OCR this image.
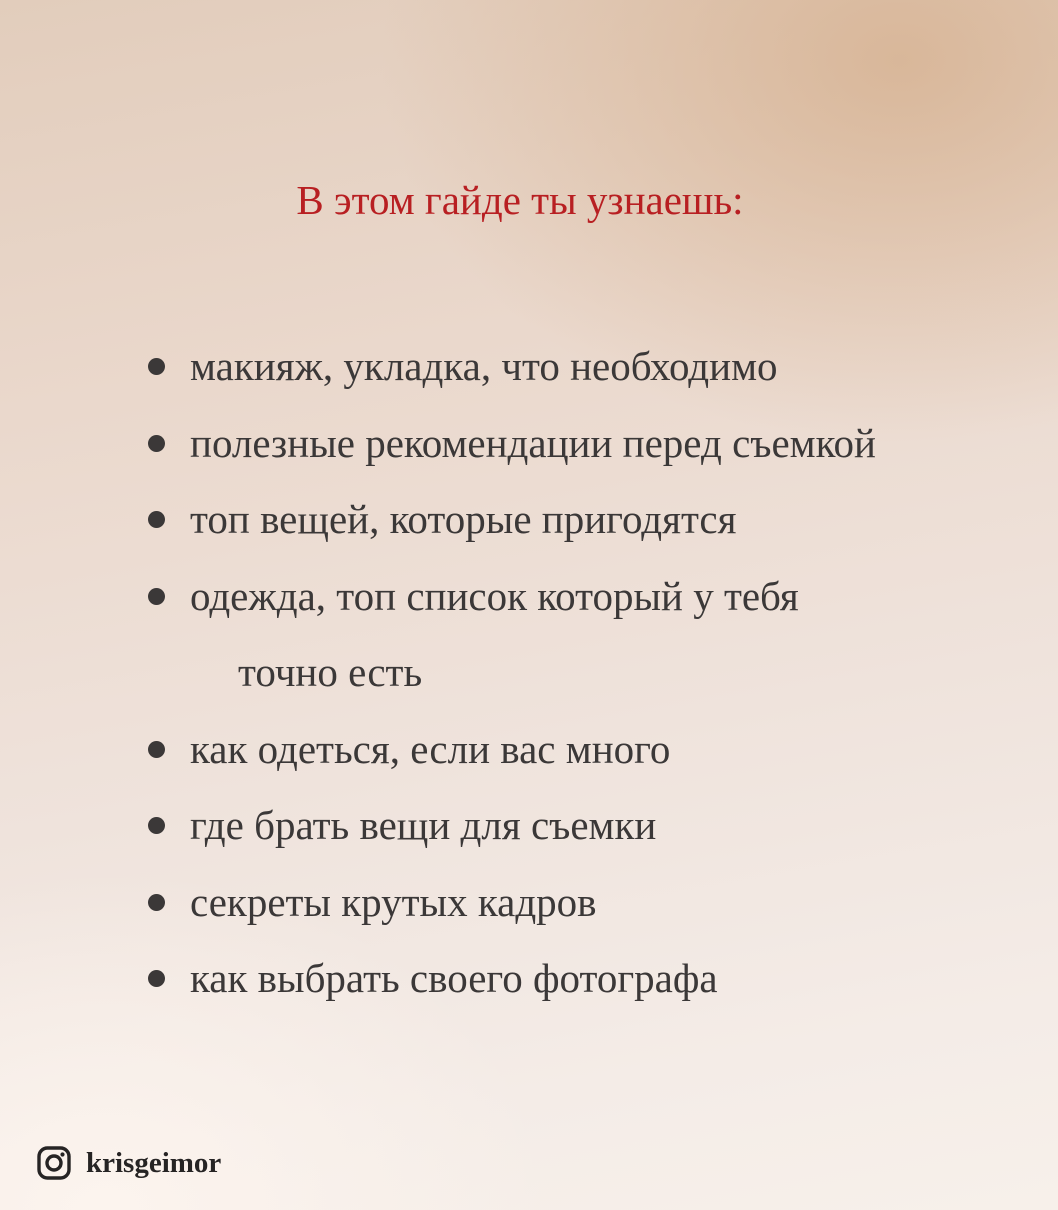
В этом гайде ты узнаешь:
макияж, укладка, что необходимо
полезные рекомендации перед съемкой
топ вещей, которые пригодятся
одежда, топ список который у тебя
точно есть
как одеться, если вас много
где брать вещи для съемки
секреты крутых кадров
как выбрать своего фотографа
krisgeimor
